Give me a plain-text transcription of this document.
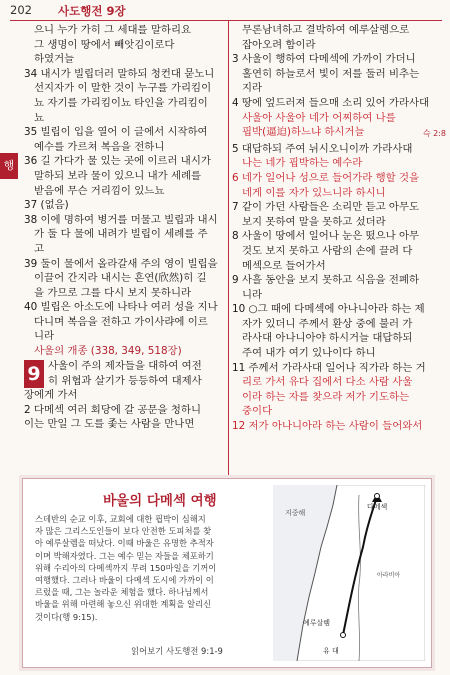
202 사도행전 9장
행

으니 누가 가히 그 세대를 말하리요

그 생명이 땅에서 빼앗김이로다

하였거늘

34 내시가 빌립더러 말하되 청컨대 묻노니

선지자가 이 말한 것이 누구를 가리킴이

뇨 자기를 가리킴이뇨 타인을 가리킴이

뇨

35 빌립이 입을 열어 이 글에서 시작하여

예수를 가르쳐 복음을 전하니

36 길 가다가 물 있는 곳에 이르러 내시가

말하되 보라 물이 있으니 내가 세례를

받음에 무슨 거리낌이 있느뇨

37 (없음)

38 이에 명하여 병거를 머물고 빌립과 내시

가 둘 다 물에 내려가 빌립이 세례를 주

고

39 둘이 물에서 올라갈새 주의 영이 빌립을

이끌어 간지라 내시는 흔연(欣然)히 길

을 가므로 그를 다시 보지 못하니라

40 빌립은 아소도에 나타나 여러 성을 지나

다니며 복음을 전하고 가이사랴에 이르

니라

사울의 개종 (338, 349, 518장)
9 사울이 주의 제자들을 대하여 여전

히 위협과 살기가 등등하여 대제사

장에게 가서

2 다메섹 여러 회당에 갈 공문을 청하니

이는 만일 그 도를 좇는 사람을 만나면

무론남녀하고 결박하여 예루살렘으로

잡아오려 함이라

3 사울이 행하여 다메섹에 가까이 가더니

홀연히 하늘로서 빛이 저를 둘러 비추는

지라

4 땅에 엎드러져 들으매 소리 있어 가라사대

사울아 사울아 네가 어찌하여 나를

핍박(逼迫)하느냐 하시거늘	슥 2:8

5 대답하되 주여 뉘시오니이까 가라사대

나는 네가 핍박하는 예수라

6 네가 일어나 성으로 들어가라 행할 것을

네게 이를 자가 있느니라 하시니

7 같이 가던 사람들은 소리만 듣고 아무도

보지 못하여 말을 못하고 섰더라

8 사울이 땅에서 일어나 눈은 떴으나 아무

것도 보지 못하고 사람의 손에 끌려 다

메섹으로 들어가서

9 사흘 동안을 보지 못하고 식음을 전폐하

니라

10 ○그 때에 다메섹에 아나니아라 하는 제

자가 있더니 주께서 환상 중에 불러 가

라사대 아나니아야 하시거늘 대답하되

주여 내가 여기 있나이다 하니

11 주께서 가라사대 일어나 직가라 하는 거

리로 가서 유다 집에서 다소 사람 사울

이라 하는 자를 찾으라 저가 기도하는

중이다

12 저가 아나니아라 하는 사람이 들어와서

바울의 다메섹 여행
스데반의 순교 이후, 교회에 대한 핍박이 심해지
자 많은 그리스도인들이 보다 안전한 도피처를 찾
아 예루살렘을 떠났다. 이때 바울은 유명한 추적자
이며 박해자였다. 그는 예수 믿는 자들을 체포하기
위해 수리아의 다메섹까지 무려 150마일을 기꺼이
여행했다. 그러나 바울이 다메섹 도시에 가까이 이
르렀을 때, 그는 놀라운 체험을 했다. 하나님께서
바울을 위해 마련해 놓으신 위대한 계획을 알리신
것이다(행 9:15).
읽어보기 사도행전 9:1-9
지중해
다메섹
아라비아
예루살렘
유 대
